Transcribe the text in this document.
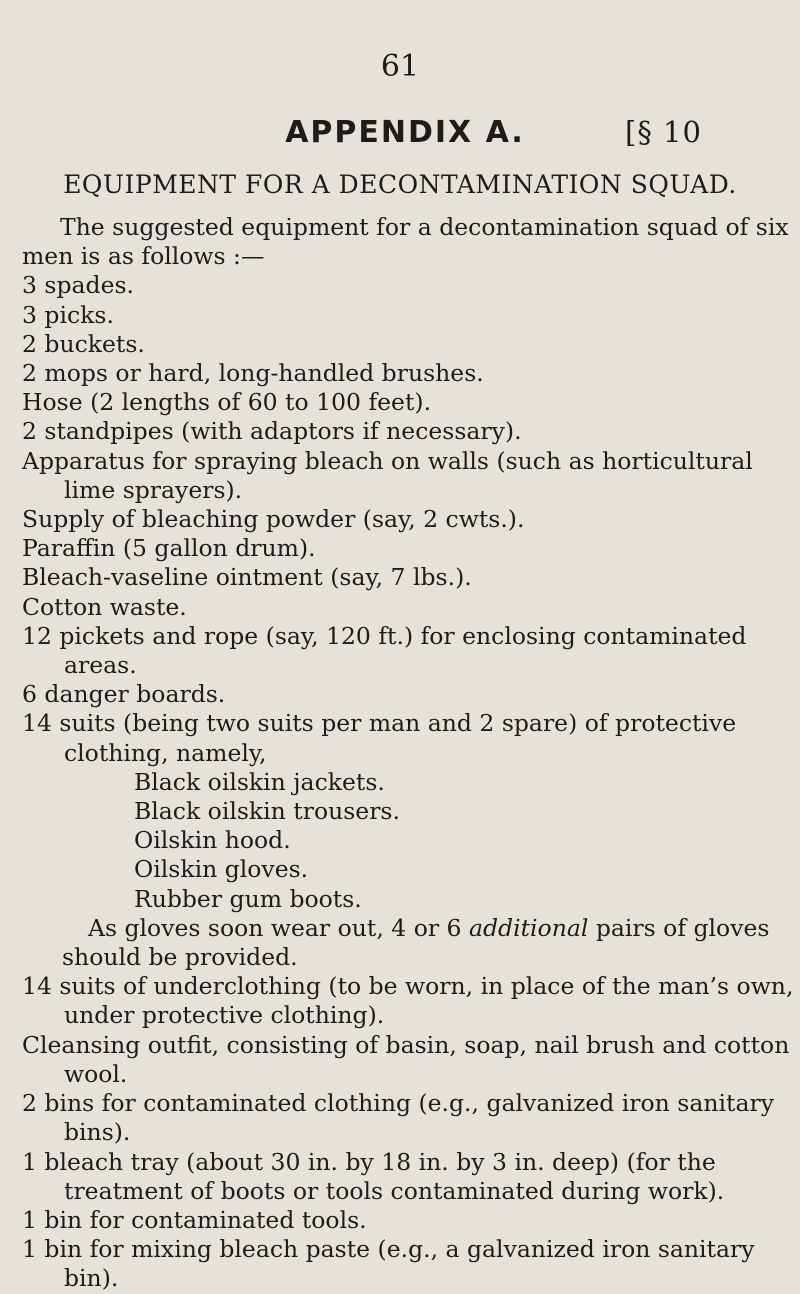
61
APPENDIX A.	[§ 10
EQUIPMENT FOR A DECONTAMINATION SQUAD.

The suggested equipment for a decontamination squad of six men is as follows :—

3 spades.
3 picks.
2 buckets.
2 mops or hard, long-handled brushes.
Hose (2 lengths of 60 to 100 feet).
2 standpipes (with adaptors if necessary).
Apparatus for spraying bleach on walls (such as horticultural lime sprayers).
Supply of bleaching powder (say, 2 cwts.).
Paraffin (5 gallon drum).
Bleach-vaseline ointment (say, 7 lbs.).
Cotton waste.
12 pickets and rope (say, 120 ft.) for enclosing contaminated areas.
6 danger boards.
14 suits (being two suits per man and 2 spare) of protective clothing, namely,
Black oilskin jackets.
Black oilskin trousers.
Oilskin hood.
Oilskin gloves.
Rubber gum boots.

As gloves soon wear out, 4 or 6 additional pairs of gloves should be provided.

14 suits of underclothing (to be worn, in place of the man’s own, under protective clothing).
Cleansing outfit, consisting of basin, soap, nail brush and cotton wool.
2 bins for contaminated clothing (e.g., galvanized iron sanitary bins).
1 bleach tray (about 30 in. by 18 in. by 3 in. deep) (for the treatment of boots or tools contaminated during work).
1 bin for contaminated tools.
1 bin for mixing bleach paste (e.g., a galvanized iron sanitary bin).
